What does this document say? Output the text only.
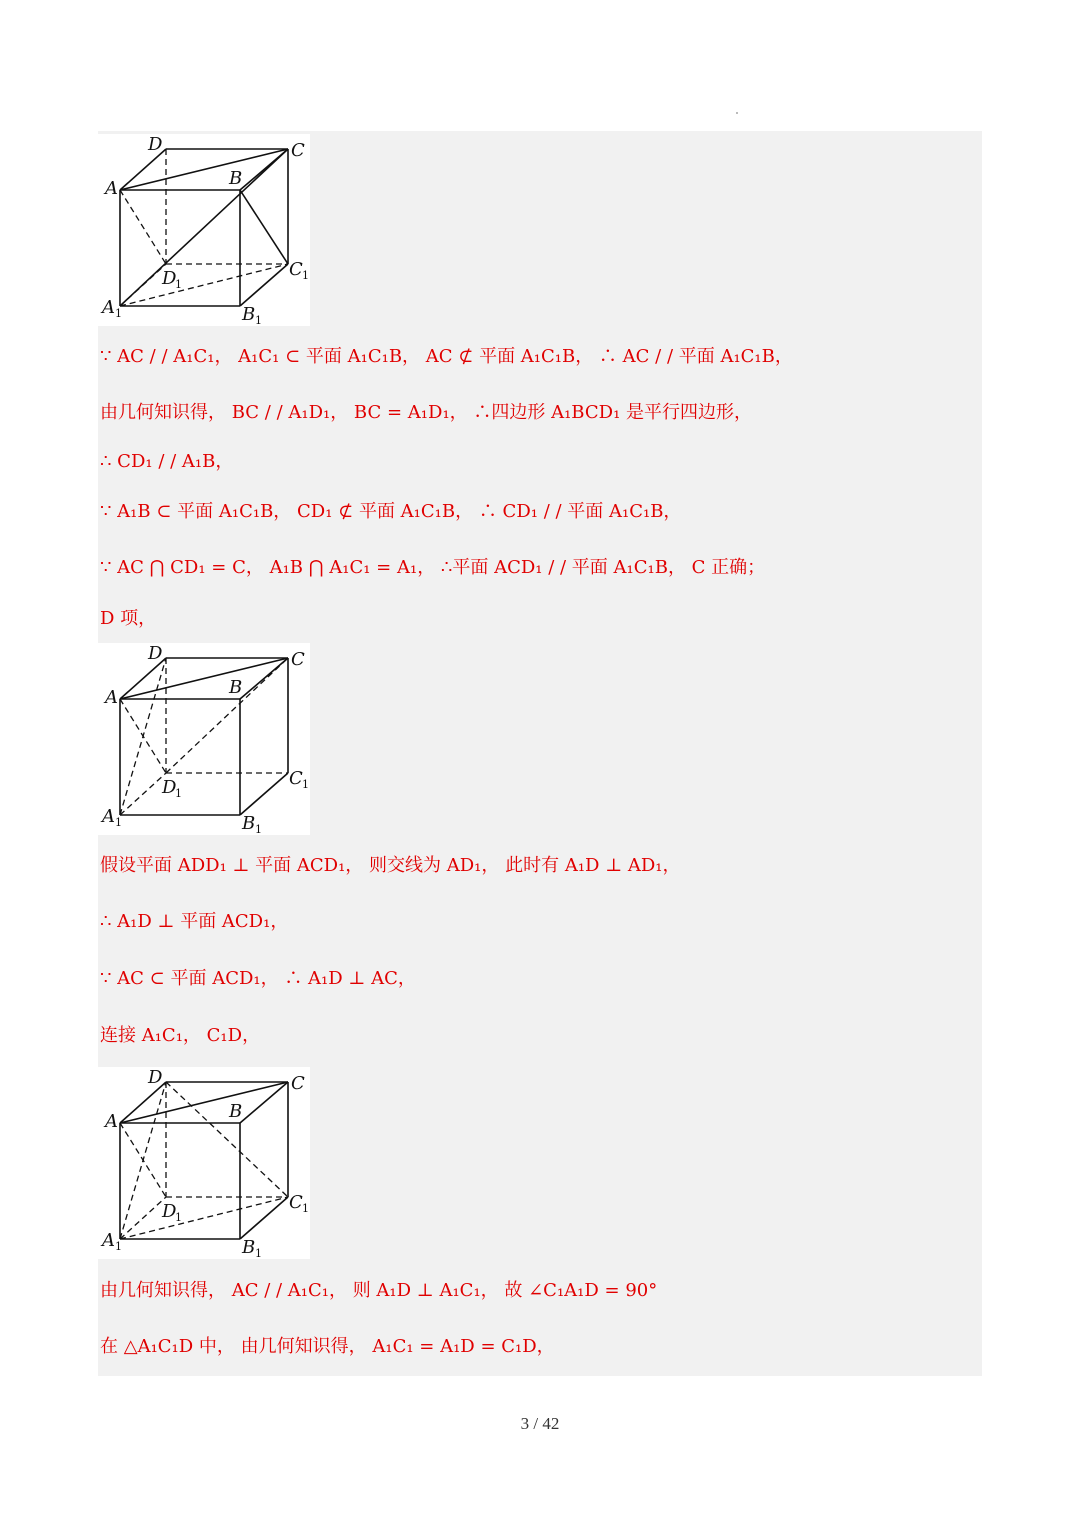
D	C
A	B
D
1
C 1
A 1	B 1
∵ AC / / A₁C₁， A₁C₁ ⊂ 平面 A₁C₁B， AC ⊄ 平面 A₁C₁B， ∴ AC / / 平面 A₁C₁B，
由几何知识得， BC / / A₁D₁， BC = A₁D₁， ∴四边形 A₁BCD₁ 是平行四边形，
∴ CD₁ / / A₁B，
∵ A₁B ⊂ 平面 A₁C₁B， CD₁ ⊄ 平面 A₁C₁B， ∴ CD₁ / / 平面 A₁C₁B，
∵ AC ⋂ CD₁ = C， A₁B ⋂ A₁C₁ = A₁， ∴平面 ACD₁ / / 平面 A₁C₁B， C 正确；
D 项，
D	C
A	B
D
1
C 1
A 1	B 1
假设平面 ADD₁ ⊥ 平面 ACD₁， 则交线为 AD₁， 此时有 A₁D ⊥ AD₁，
∴ A₁D ⊥ 平面 ACD₁，
∵ AC ⊂ 平面 ACD₁， ∴ A₁D ⊥ AC，
连接 A₁C₁， C₁D，
D	C
A	B
D
1
C 1
A 1	B 1
由几何知识得， AC / / A₁C₁， 则 A₁D ⊥ A₁C₁， 故 ∠C₁A₁D = 90°
在 △A₁C₁D 中， 由几何知识得， A₁C₁ = A₁D = C₁D，
3 / 42
